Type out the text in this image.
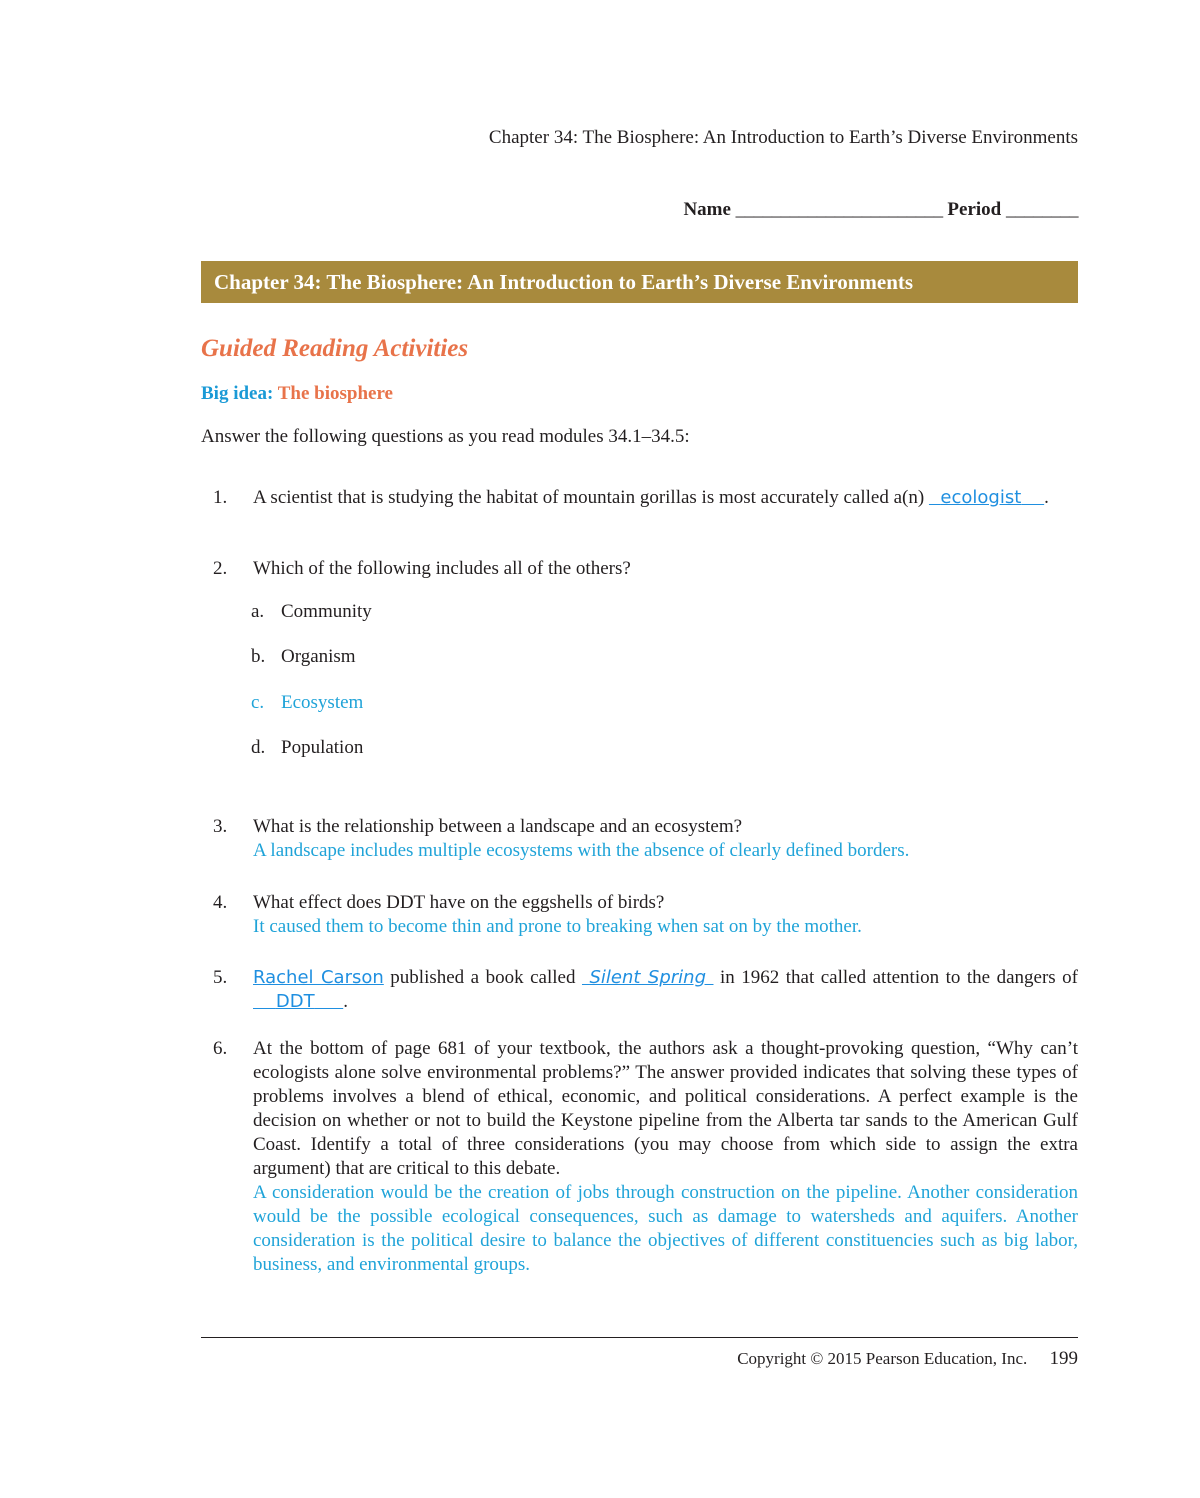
Chapter 34: The Biosphere: An Introduction to Earth’s Diverse Environments
Name _______________________ Period ________
Chapter 34: The Biosphere: An Introduction to Earth’s Diverse Environments
Guided Reading Activities
Big idea: The biosphere
Answer the following questions as you read modules 34.1–34.5:
1. A scientist that is studying the habitat of mountain gorillas is most accurately called a(n) ecologist .
2. Which of the following includes all of the others?
a. Community
b. Organism
c. Ecosystem
d. Population
3. What is the relationship between a landscape and an ecosystem?
A landscape includes multiple ecosystems with the absence of clearly defined borders.
4. What effect does DDT have on the eggshells of birds?
It caused them to become thin and prone to breaking when sat on by the mother.
5. Rachel Carson published a book called Silent Spring in 1962 that called attention to the dangers of     DDT .
6. At the bottom of page 681 of your textbook, the authors ask a thought-provoking question, “Why can’t ecologists alone solve environmental problems?” The answer provided indicates that solving these types of problems involves a blend of ethical, economic, and political considerations. A perfect example is the decision on whether or not to build the Keystone pipeline from the Alberta tar sands to the American Gulf Coast. Identify a total of three considerations (you may choose from which side to assign the extra argument) that are critical to this debate.
A consideration would be the creation of jobs through construction on the pipeline. Another consideration would be the possible ecological consequences, such as damage to watersheds and aquifers. Another consideration is the political desire to balance the objectives of different constituencies such as big labor, business, and environmental groups.
Copyright © 2015 Pearson Education, Inc. 199
